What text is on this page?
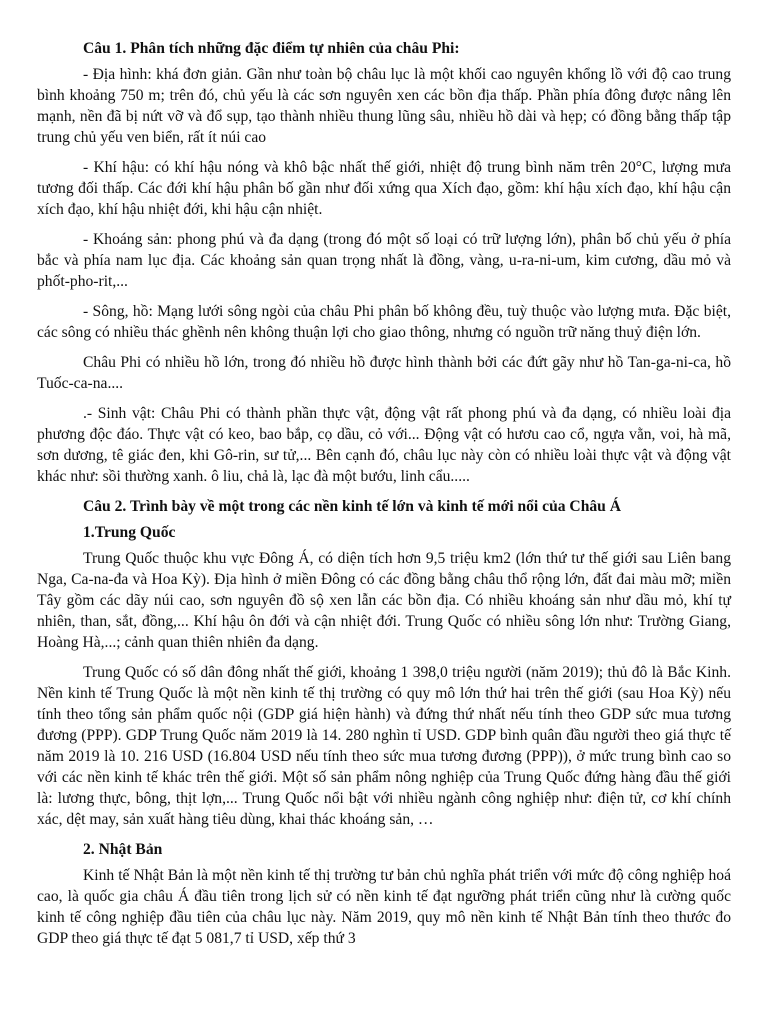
Câu 1. Phân tích những đặc điểm tự nhiên của châu Phi:

- Địa hình: khá đơn giản. Gần như toàn bộ châu lục là một khối cao nguyên khổng lồ với độ cao trung bình khoảng 750 m; trên đó, chủ yếu là các sơn nguyên xen các bồn địa thấp. Phần phía đông được nâng lên mạnh, nền đã bị nứt vỡ và đổ sụp, tạo thành nhiều thung lũng sâu, nhiều hồ dài và hẹp; có đồng bằng thấp tập trung chủ yếu ven biển, rất ít núi cao

- Khí hậu: có khí hậu nóng và khô bậc nhất thế giới, nhiệt độ trung bình năm trên 20°C, lượng mưa tương đối thấp. Các đới khí hậu phân bố gần như đối xứng qua Xích đạo, gồm: khí hậu xích đạo, khí hậu cận xích đạo, khí hậu nhiệt đới, khi hậu cận nhiệt.

- Khoáng sản: phong phú và đa dạng (trong đó một số loại có trữ lượng lớn), phân bố chủ yếu ở phía bắc và phía nam lục địa. Các khoảng sản quan trọng nhất là đồng, vàng, u-ra-ni-um, kim cương, dầu mỏ và phốt-pho-rit,...

- Sông, hồ: Mạng lưới sông ngòi của châu Phi phân bố không đều, tuỳ thuộc vào lượng mưa. Đặc biệt, các sông có nhiều thác ghềnh nên không thuận lợi cho giao thông, nhưng có nguồn trữ năng thuỷ điện lớn.

Châu Phi có nhiều hồ lớn, trong đó nhiều hồ được hình thành bởi các đứt gãy như hồ Tan-ga-ni-ca, hồ Tuốc-ca-na....

.- Sinh vật: Châu Phi có thành phần thực vật, động vật rất phong phú và đa dạng, có nhiều loài địa phương độc đáo. Thực vật có keo, bao bắp, cọ dầu, cỏ với... Động vật có hươu cao cổ, ngựa vằn, voi, hà mã, sơn dương, tê giác đen, khi Gô-rin, sư tử,... Bên cạnh đó, châu lục này còn có nhiều loài thực vật và động vật khác như: sồi thường xanh. ô liu, chả là, lạc đà một bướu, linh cẩu.....

Câu 2. Trình bày về một trong các nền kinh tế lớn và kinh tế mới nổi của Châu Á
1.Trung Quốc

Trung Quốc thuộc khu vực Đông Á, có diện tích hơn 9,5 triệu km2 (lớn thứ tư thế giới sau Liên bang Nga, Ca-na-đa và Hoa Kỳ). Địa hình ở miền Đông có các đồng bằng châu thổ rộng lớn, đất đai màu mỡ; miền Tây gồm các dãy núi cao, sơn nguyên đồ sộ xen lẫn các bồn địa. Có nhiều khoáng sản như dầu mỏ, khí tự nhiên, than, sắt, đồng,... Khí hậu ôn đới và cận nhiệt đới. Trung Quốc có nhiều sông lớn như: Trường Giang, Hoàng Hà,...; cảnh quan thiên nhiên đa dạng.

Trung Quốc có số dân đông nhất thế giới, khoảng 1 398,0 triệu người (năm 2019); thủ đô là Bắc Kinh. Nền kinh tế Trung Quốc là một nền kinh tế thị trường có quy mô lớn thứ hai trên thế giới (sau Hoa Kỳ) nếu tính theo tổng sản phẩm quốc nội (GDP giá hiện hành) và đứng thứ nhất nếu tính theo GDP sức mua tương đương (PPP). GDP Trung Quốc năm 2019 là 14. 280 nghìn tỉ USD. GDP bình quân đầu người theo giá thực tế năm 2019 là 10. 216 USD (16.804 USD nếu tính theo sức mua tương đương (PPP)), ở mức trung bình cao so với các nền kinh tế khác trên thế giới. Một số sản phẩm nông nghiệp của Trung Quốc đứng hàng đầu thế giới là: lương thực, bông, thịt lợn,... Trung Quốc nổi bật với nhiều ngành công nghiệp như: điện tử, cơ khí chính xác, dệt may, sản xuất hàng tiêu dùng, khai thác khoáng sản, …

2. Nhật Bản

Kinh tế Nhật Bản là một nền kinh tế thị trường tư bản chủ nghĩa phát triển với mức độ công nghiệp hoá cao, là quốc gia châu Á đầu tiên trong lịch sử có nền kinh tế đạt ngưỡng phát triển cũng như là cường quốc kinh tế công nghiệp đầu tiên của châu lục này. Năm 2019, quy mô nền kinh tế Nhật Bản tính theo thước đo GDP theo giá thực tế đạt 5 081,7 tỉ USD, xếp thứ 3
